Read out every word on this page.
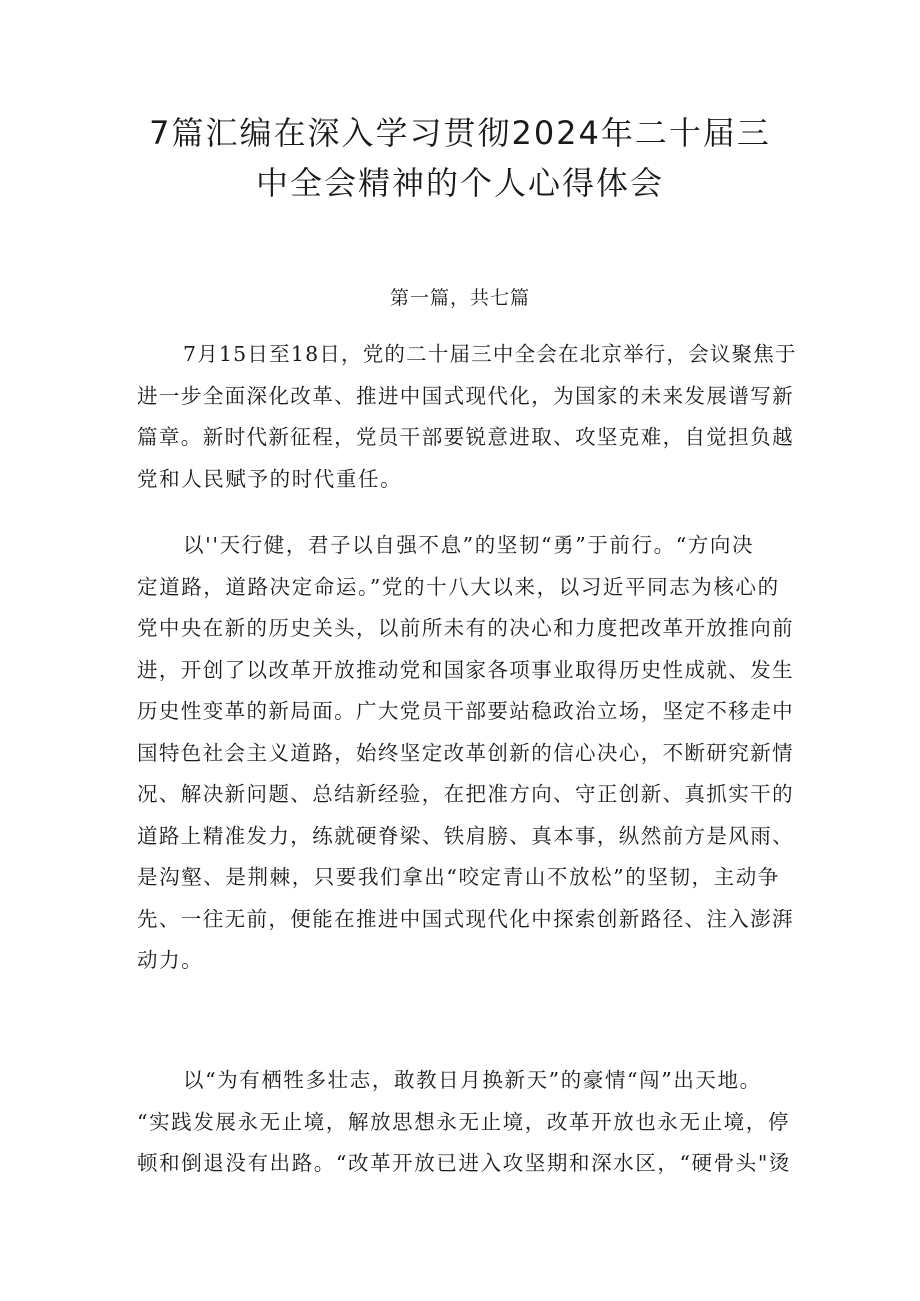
7篇汇编在深入学习贯彻2024年二十届三
中全会精神的个人心得体会
第一篇，共七篇
7月15日至18日，党的二十届三中全会在北京举行，会议聚焦于
进一步全面深化改革、推进中国式现代化，为国家的未来发展谱写新
篇章。新时代新征程，党员干部要锐意进取、攻坚克难，自觉担负越
党和人民赋予的时代重任。
以''天行健，君子以自强不息”的坚韧“勇”于前行。“方向决
定道路，道路决定命运。”党的十八大以来，以习近平同志为核心的
党中央在新的历史关头，以前所未有的决心和力度把改革开放推向前
进，开创了以改革开放推动党和国家各项事业取得历史性成就、发生
历史性变革的新局面。广大党员干部要站稳政治立场，坚定不移走中
国特色社会主义道路，始终坚定改革创新的信心决心，不断研究新情
况、解决新问题、总结新经验，在把准方向、守正创新、真抓实干的
道路上精准发力，练就硬脊梁、铁肩膀、真本事，纵然前方是风雨、
是沟壑、是荆棘，只要我们拿出“咬定青山不放松”的坚韧，主动争
先、一往无前，便能在推进中国式现代化中探索创新路径、注入澎湃
动力。
以“为有栖牲多壮志，敢教日月换新天”的豪情“闯”出天地。
“实践发展永无止境，解放思想永无止境，改革开放也永无止境，停
顿和倒退没有出路。“改革开放已进入攻坚期和深水区，“硬骨头"烫
